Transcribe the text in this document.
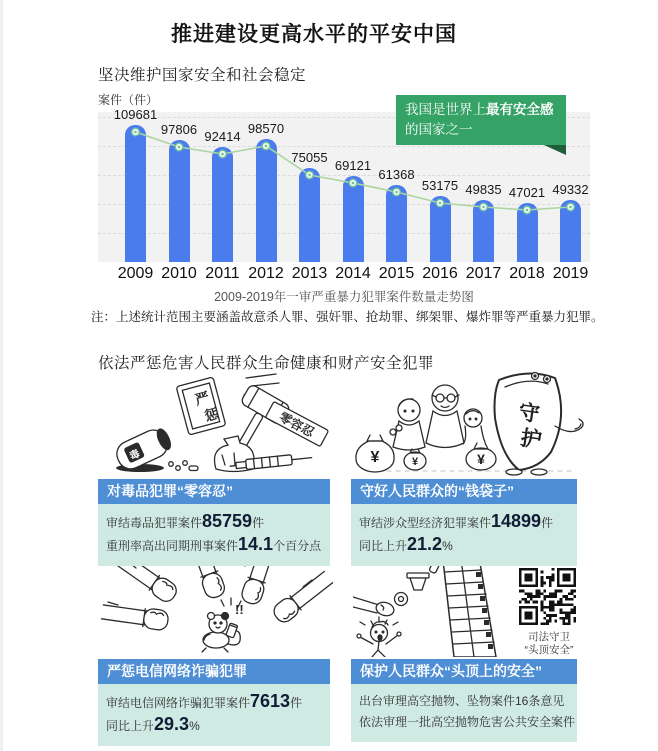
推进建设更高水平的平安中国
坚决维护国家安全和社会稳定
案件（件）
109681
97806 92414
98570
75055
69121
61368
53175 49835 47021 49332
2009 2010 2011 2012 2013 2014 2015 2016 2017 2018 2019
2009-2019年一审严重暴力犯罪案件数量走势图
我国是世界上最有安全感
的国家之一
注：上述统计范围主要涵盖故意杀人罪、强奸罪、抢劫罪、绑架罪、爆炸罪等严重暴力犯罪。
依法严惩危害人民群众生命健康和财产安全犯罪
严
惩	零容忍
毒
守
护
¥	¥	¥
!!
司法守卫
“头顶安全”
对毒品犯罪“零容忍”
审结毒品犯罪案件85759件
重刑率高出同期刑事案件14.1个百分点
守好人民群众的“钱袋子”
审结涉众型经济犯罪案件14899件
同比上升21.2%
严惩电信网络诈骗犯罪
审结电信网络诈骗犯罪案件7613件
同比上升29.3%
保护人民群众“头顶上的安全”
出台审理高空抛物、坠物案件16条意见
依法审理一批高空抛物危害公共安全案件
